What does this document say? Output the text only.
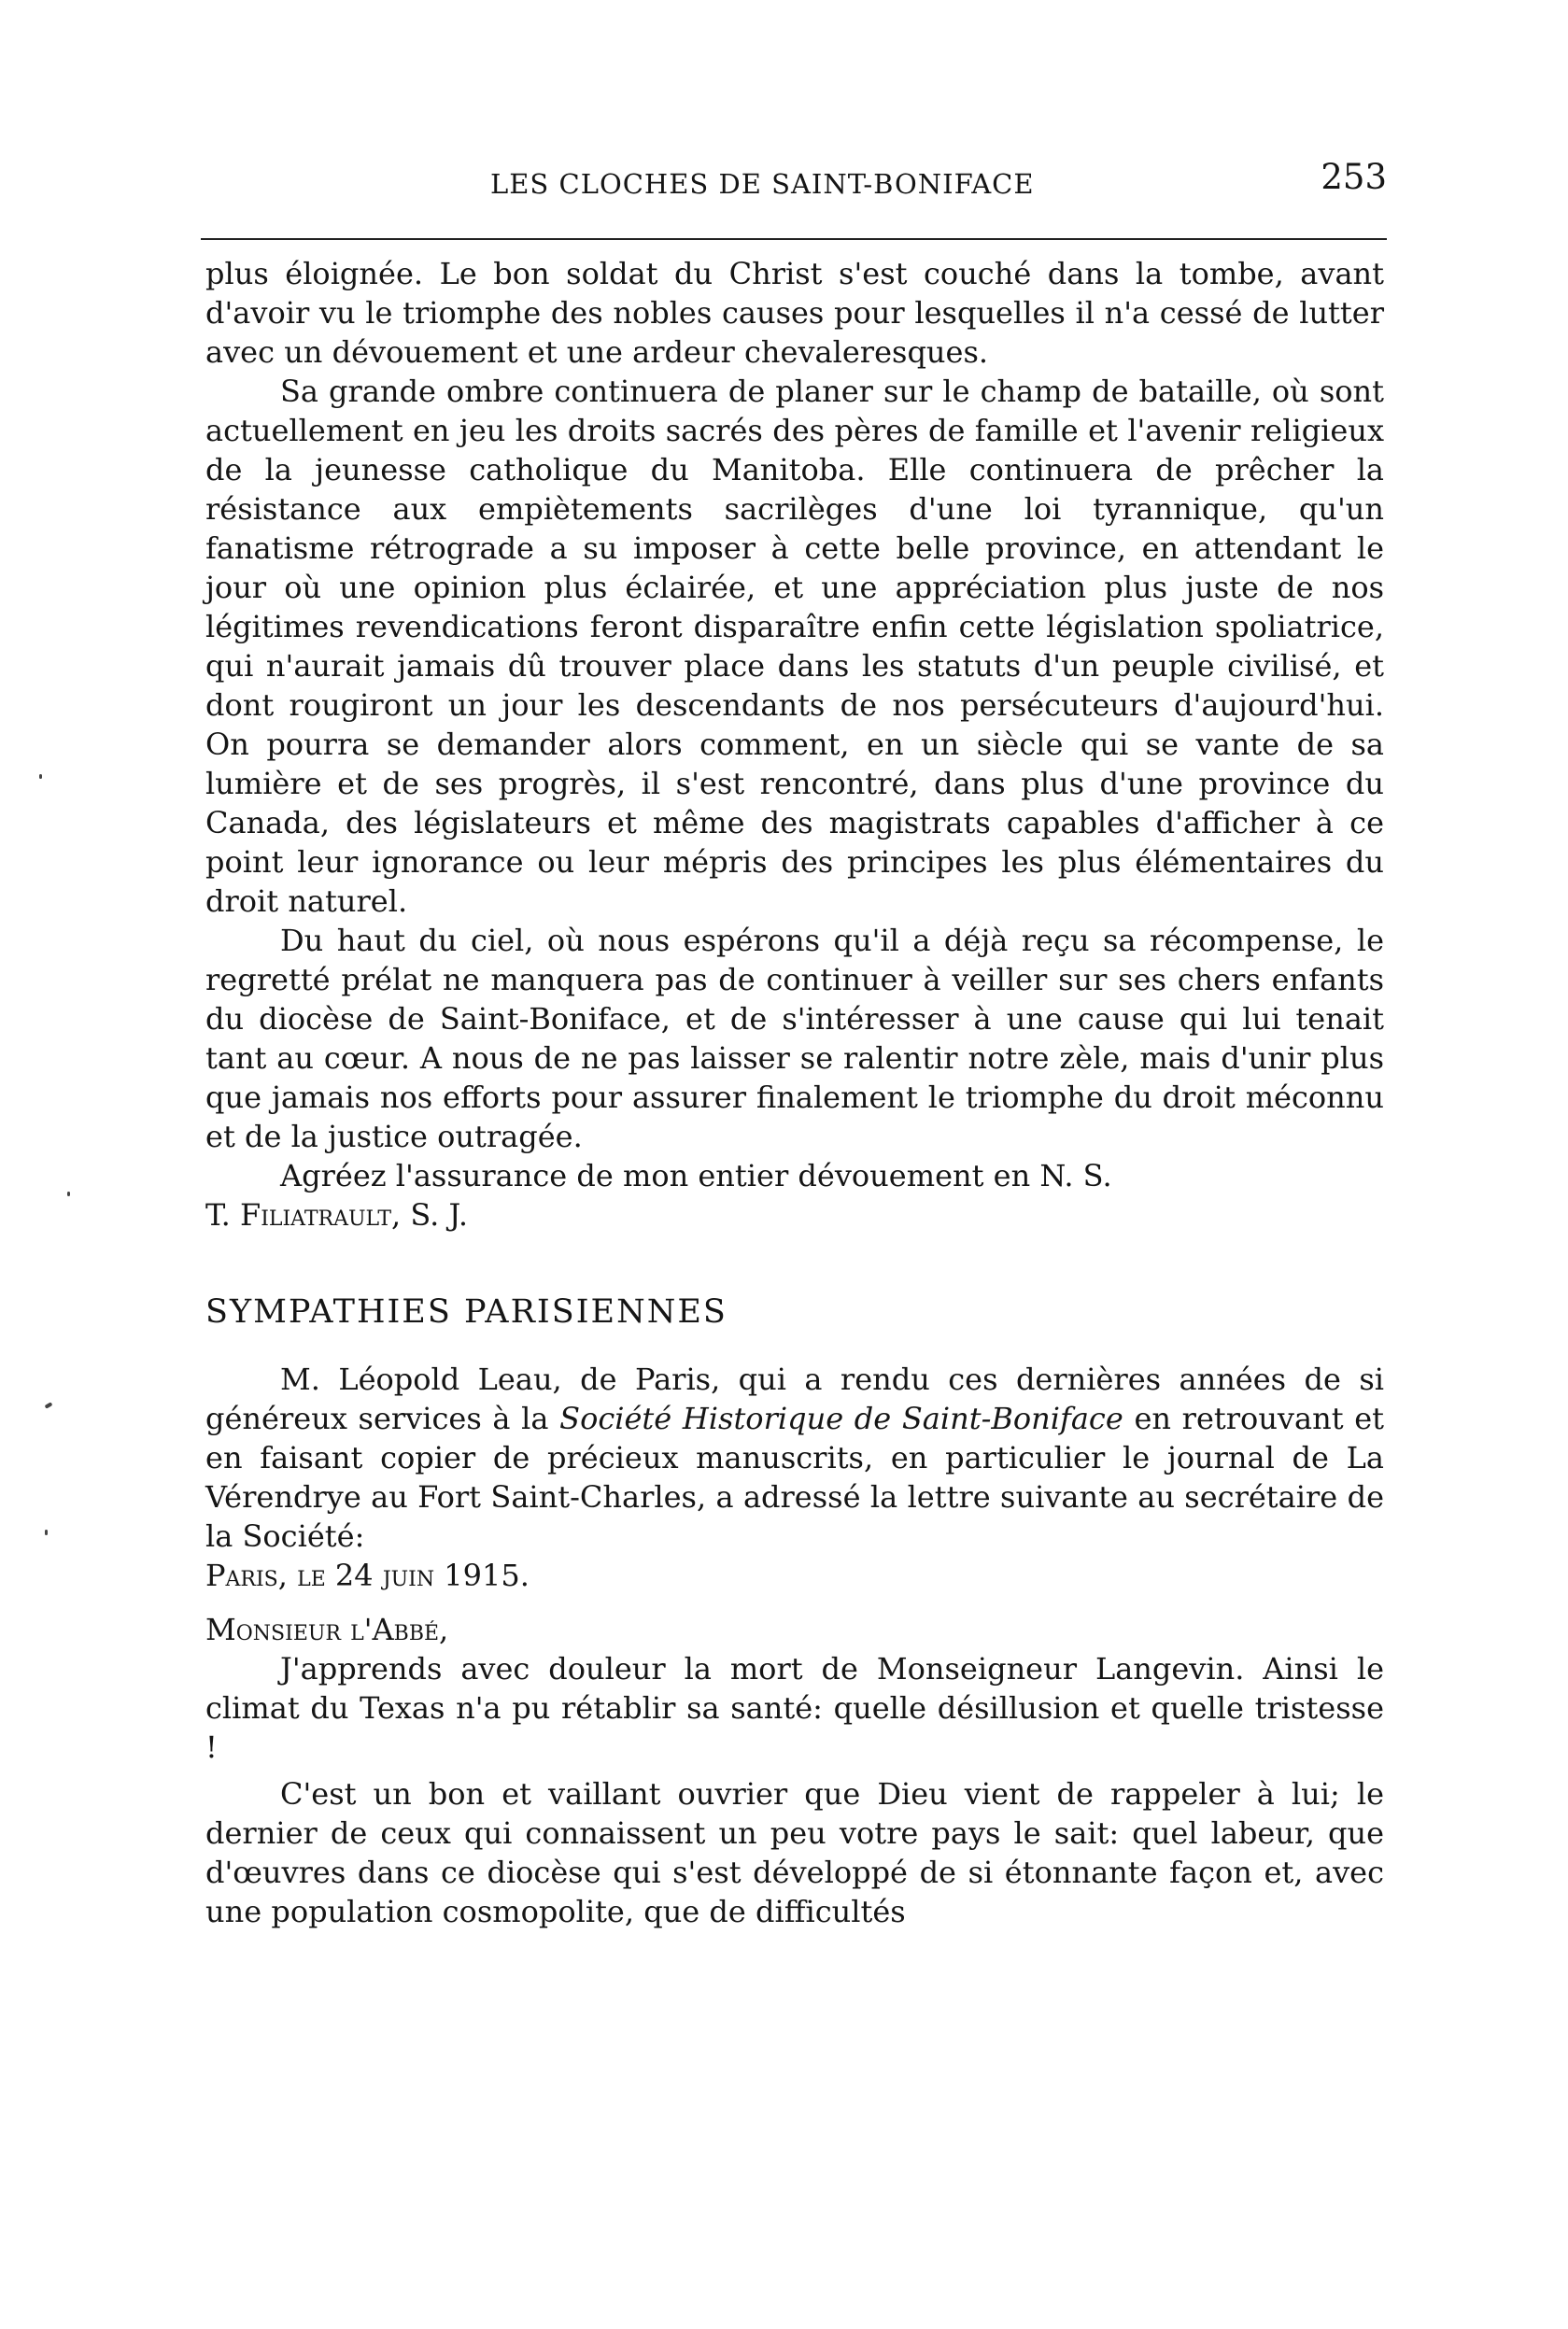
LES CLOCHES DE SAINT-BONIFACE	253

plus éloignée. Le bon soldat du Christ s'est couché dans la tombe, avant d'avoir vu le triomphe des nobles causes pour lesquelles il n'a cessé de lutter avec un dévouement et une ardeur chevaleresques.

Sa grande ombre continuera de planer sur le champ de bataille, où sont actuellement en jeu les droits sacrés des pères de famille et l'avenir religieux de la jeunesse catholique du Manitoba. Elle continuera de prêcher la résistance aux empiètements sacrilèges d'une loi tyrannique, qu'un fanatisme rétrograde a su imposer à cette belle province, en attendant le jour où une opinion plus éclairée, et une appréciation plus juste de nos légitimes revendications feront disparaître enfin cette législation spoliatrice, qui n'aurait jamais dû trouver place dans les statuts d'un peuple civilisé, et dont rougiront un jour les descendants de nos persécuteurs d'aujourd'hui. On pourra se demander alors comment, en un siècle qui se vante de sa lumière et de ses progrès, il s'est rencontré, dans plus d'une province du Canada, des législateurs et même des magistrats capables d'afficher à ce point leur ignorance ou leur mépris des principes les plus élémentaires du droit naturel.

Du haut du ciel, où nous espérons qu'il a déjà reçu sa récompense, le regretté prélat ne manquera pas de continuer à veiller sur ses chers enfants du diocèse de Saint-Boniface, et de s'intéresser à une cause qui lui tenait tant au cœur. A nous de ne pas laisser se ralentir notre zèle, mais d'unir plus que jamais nos efforts pour assurer finalement le triomphe du droit méconnu et de la justice outragée.

Agréez l'assurance de mon entier dévouement en N. S.

T. Filiatrault, S. J.

SYMPATHIES PARISIENNES

M. Léopold Leau, de Paris, qui a rendu ces dernières années de si généreux services à la Société Historique de Saint-Boniface en retrouvant et en faisant copier de précieux manuscrits, en particulier le journal de La Vérendrye au Fort Saint-Charles, a adressé la lettre suivante au secrétaire de la Société:

Paris, le 24 juin 1915.

Monsieur l'Abbé,

J'apprends avec douleur la mort de Monseigneur Langevin. Ainsi le climat du Texas n'a pu rétablir sa santé: quelle désillusion et quelle tristesse !

C'est un bon et vaillant ouvrier que Dieu vient de rappeler à lui; le dernier de ceux qui connaissent un peu votre pays le sait: quel labeur, que d'œuvres dans ce diocèse qui s'est développé de si étonnante façon et, avec une population cosmopolite, que de difficultés
